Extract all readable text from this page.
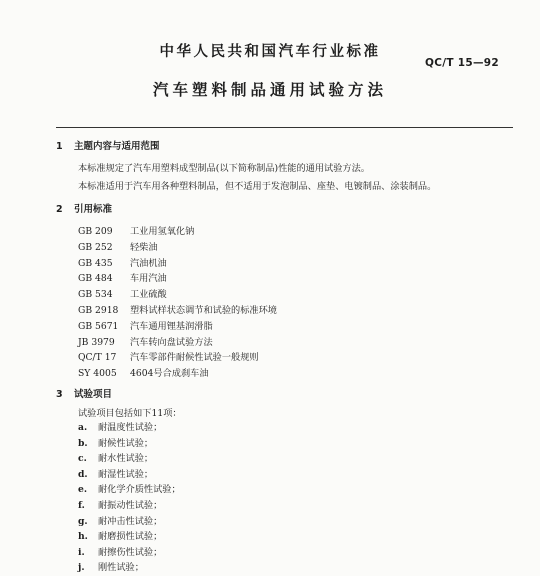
中华人民共和国汽车行业标准
QC/T 15—92
汽车塑料制品通用试验方法
1 主题内容与适用范围
本标准规定了汽车用塑料成型制品(以下简称制品)性能的通用试验方法。
本标准适用于汽车用各种塑料制品，但不适用于发泡制品、座垫、电镀制品、涂装制品。
2 引用标准
GB 209 工业用氢氧化钠
GB 252 轻柴油
GB 435 汽油机油
GB 484 车用汽油
GB 534 工业硫酸
GB 2918 塑料试样状态调节和试验的标准环境
GB 5671 汽车通用锂基润滑脂
JB 3979 汽车转向盘试验方法
QC/T 17 汽车零部件耐候性试验一般规则
SY 4005 4604号合成刹车油
3 试验项目
试验项目包括如下11项：
a. 耐温度性试验；
b. 耐候性试验；
c. 耐水性试验；
d. 耐湿性试验；
e. 耐化学介质性试验；
f. 耐振动性试验；
g. 耐冲击性试验；
h. 耐磨损性试验；
i. 耐擦伤性试验；
j. 刚性试验；
